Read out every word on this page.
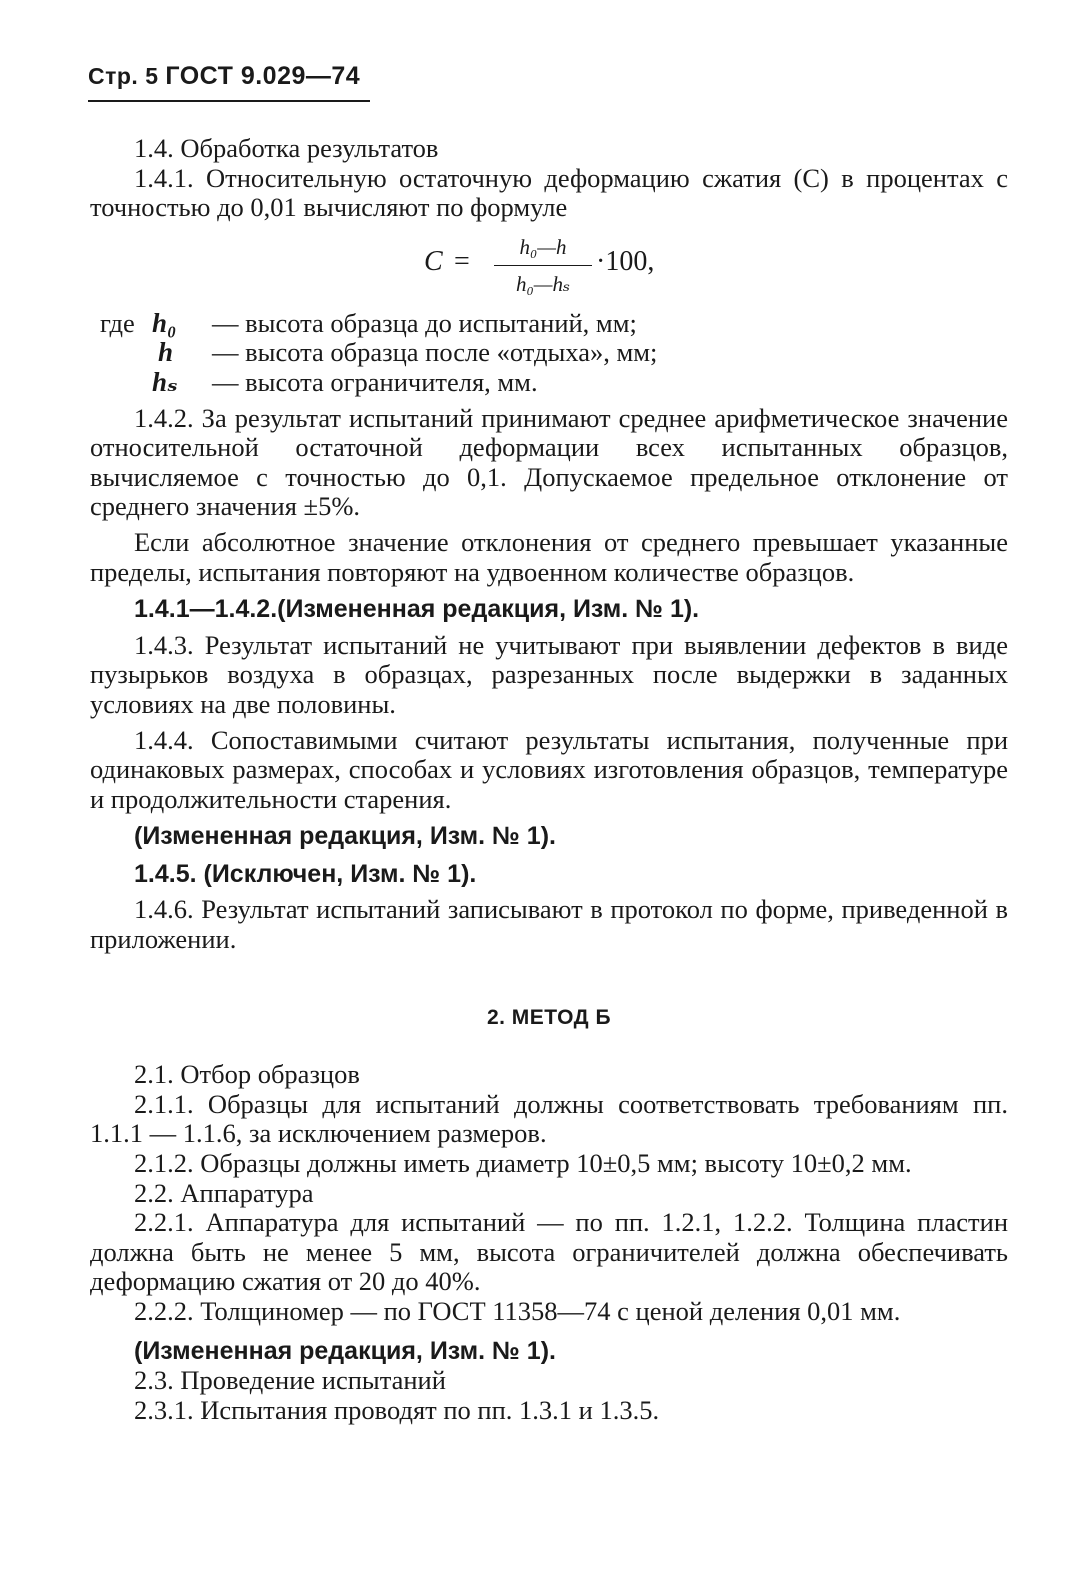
Стр. 5 ГОСТ 9.029—74

1.4. Обработка результатов

1.4.1. Относительную остаточную деформацию сжатия (С) в процентах с точностью до 0,01 вычисляют по формуле

C =	h₀—h
h₀—hₛ
·100,
где h₀ — высота образца до испытаний, мм;
h — высота образца после «отдыха», мм;
hₛ — высота ограничителя, мм.

1.4.2. За результат испытаний принимают среднее арифметическое значение относительной остаточной деформации всех испытанных образцов, вычисляемое с точностью до 0,1. Допускаемое предельное отклонение от среднего значения ±5%.

Если абсолютное значение отклонения от среднего превышает указанные пределы, испытания повторяют на удвоенном количестве образцов.

1.4.1—1.4.2.(Измененная редакция, Изм. № 1).

1.4.3. Результат испытаний не учитывают при выявлении дефектов в виде пузырьков воздуха в образцах, разрезанных после выдержки в заданных условиях на две половины.

1.4.4. Сопоставимыми считают результаты испытания, полученные при одинаковых размерах, способах и условиях изготовления образцов, температуре и продолжительности старения.

(Измененная редакция, Изм. № 1).

1.4.5. (Исключен, Изм. № 1).

1.4.6. Результат испытаний записывают в протокол по форме, приведенной в приложении.

2. МЕТОД Б

2.1. Отбор образцов

2.1.1. Образцы для испытаний должны соответствовать требованиям пп. 1.1.1 — 1.1.6, за исключением размеров.

2.1.2. Образцы должны иметь диаметр 10±0,5 мм; высоту 10±0,2 мм.

2.2. Аппаратура

2.2.1. Аппаратура для испытаний — по пп. 1.2.1, 1.2.2. Толщина пластин должна быть не менее 5 мм, высота ограничителей должна обеспечивать деформацию сжатия от 20 до 40%.

2.2.2. Толщиномер — по ГОСТ 11358—74 с ценой деления 0,01 мм.

(Измененная редакция, Изм. № 1).

2.3. Проведение испытаний

2.3.1. Испытания проводят по пп. 1.3.1 и 1.3.5.
